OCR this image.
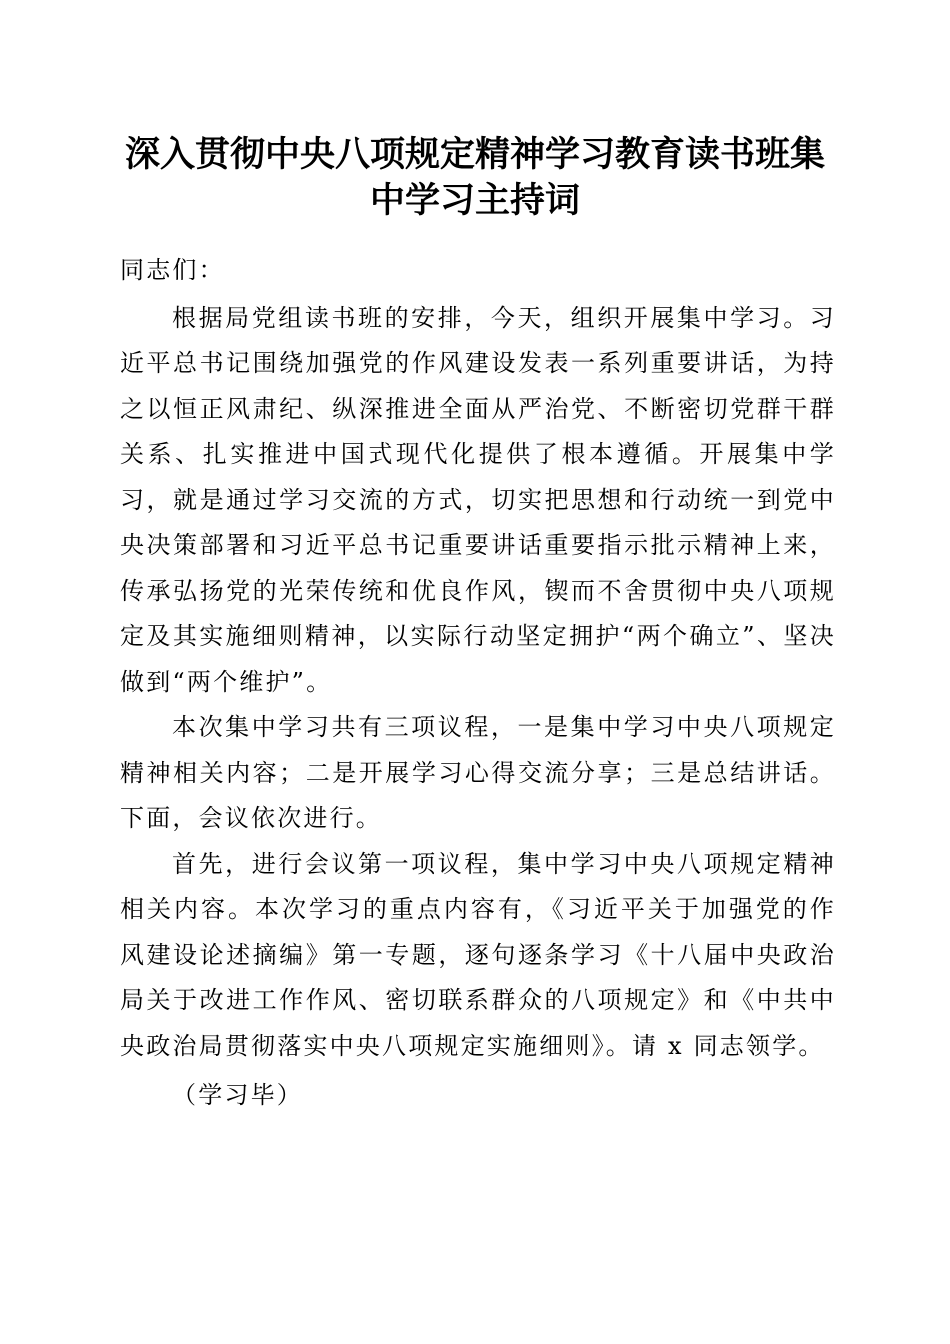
深入贯彻中央八项规定精神学习教育读书班集
中学习主持词

同志们：

根据局党组读书班的安排，今天，组织开展集中学习。习近平总书记围绕加强党的作风建设发表一系列重要讲话，为持之以恒正风肃纪、纵深推进全面从严治党、不断密切党群干群关系、扎实推进中国式现代化提供了根本遵循。开展集中学习，就是通过学习交流的方式，切实把思想和行动统一到党中央决策部署和习近平总书记重要讲话重要指示批示精神上来，传承弘扬党的光荣传统和优良作风，锲而不舍贯彻中央八项规定及其实施细则精神，以实际行动坚定拥护“两个确立”、坚决做到“两个维护”。

本次集中学习共有三项议程，一是集中学习中央八项规定精神相关内容；二是开展学习心得交流分享；三是总结讲话。下面，会议依次进行。

首先，进行会议第一项议程，集中学习中央八项规定精神相关内容。本次学习的重点内容有，《习近平关于加强党的作风建设论述摘编》第一专题，逐句逐条学习《十八届中央政治局关于改进工作作风、密切联系群众的八项规定》和《中共中央政治局贯彻落实中央八项规定实施细则》。请 x 同志领学。

（学习毕）
